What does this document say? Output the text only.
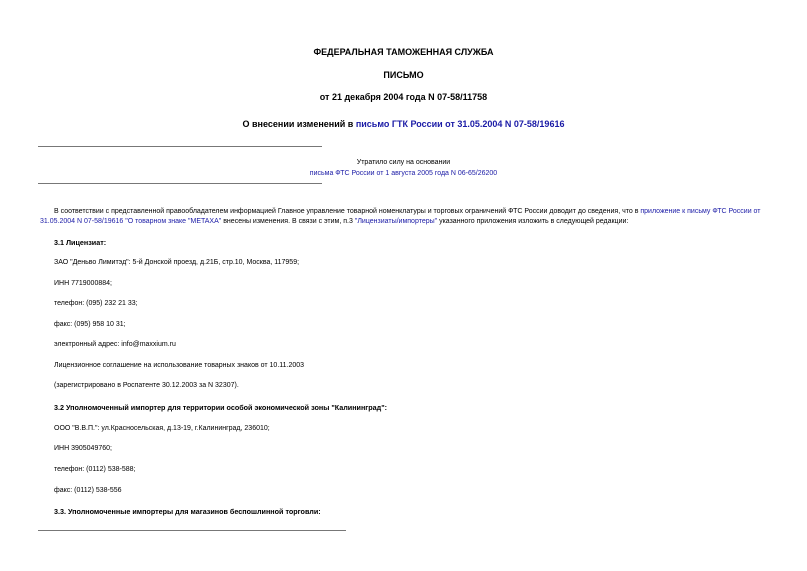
ФЕДЕРАЛЬНАЯ ТАМОЖЕННАЯ СЛУЖБА
ПИСЬМО
от 21 декабря 2004 года N 07-58/11758
О внесении изменений в письмо ГТК России от 31.05.2004 N 07-58/19616
Утратило силу на основании
письма ФТС России от 1 августа 2005 года N 06-65/26200
В соответствии с представленной правообладателем информацией Главное управление товарной номенклатуры и торговых ограничений ФТС России доводит до сведения, что в приложение к письму ФТС России от 31.05.2004 N 07-58/19616 "О товарном знаке "METAXA" внесены изменения. В связи с этим, п.3 "Лицензиаты/импортеры" указанного приложения изложить в следующей редакции:
3.1 Лицензиат:
ЗАО "Деньво Лимитэд": 5-й Донской проезд, д.21Б, стр.10, Москва, 117959;
ИНН 7719000884;
телефон: (095) 232 21 33;
факс: (095) 958 10 31;
электронный адрес: info@maxxium.ru
Лицензионное соглашение на использование товарных знаков от 10.11.2003
(зарегистрировано в Роспатенте 30.12.2003 за N 32307).
3.2 Уполномоченный импортер для территории особой экономической зоны "Калининград":
ООО "В.В.П.": ул.Красносельская, д.13-19, г.Калининград, 236010;
ИНН 3905049760;
телефон: (0112) 538-588;
факс: (0112) 538-556
3.3. Уполномоченные импортеры для магазинов беспошлинной торговли:
